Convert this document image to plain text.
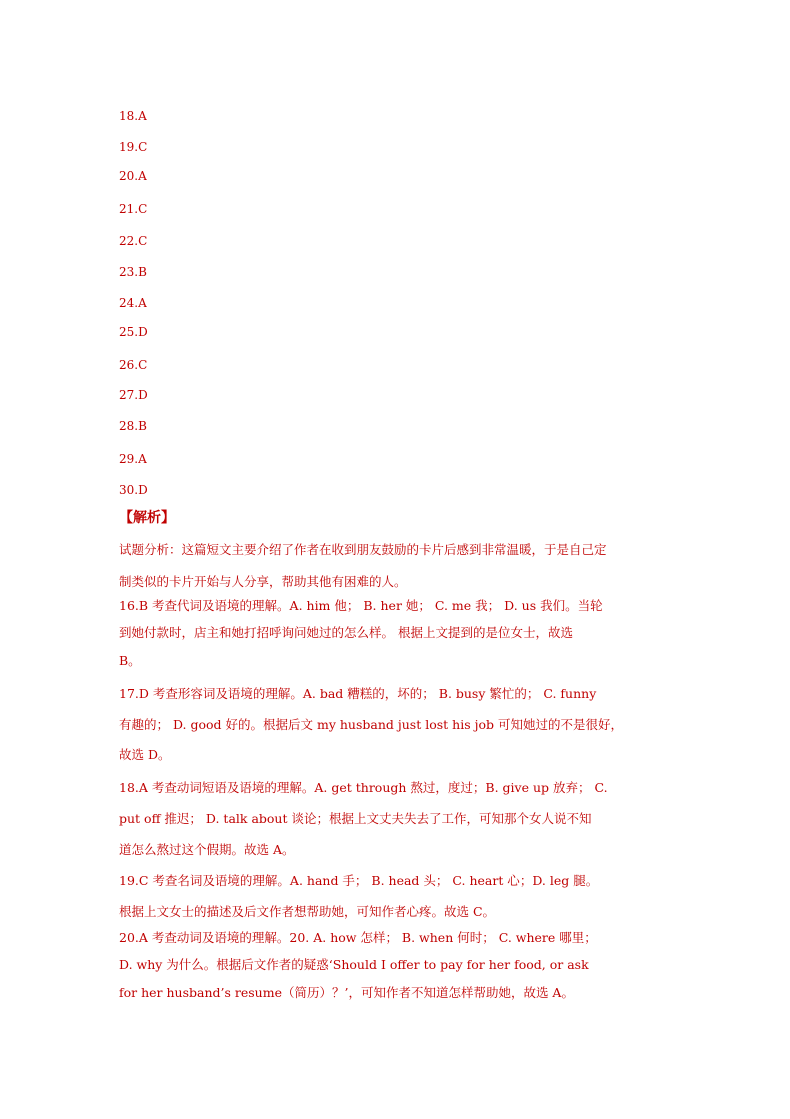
18.A
19.C
20.A
21.C
22.C
23.B
24.A
25.D
26.C
27.D
28.B
29.A
30.D
【解析】
试题分析：这篇短文主要介绍了作者在收到朋友鼓励的卡片后感到非常温暖，于是自己定
制类似的卡片开始与人分享，帮助其他有困难的人。
16.B 考查代词及语境的理解。A. him 他； B. her 她； C. me 我； D. us 我们。当轮
到她付款时，店主和她打招呼询问她过的怎么样。 根据上文提到的是位女士，故选
B。
17.D 考查形容词及语境的理解。A. bad 糟糕的，坏的； B. busy 繁忙的； C. funny
有趣的； D. good 好的。根据后文 my husband just lost his job 可知她过的不是很好，
故选 D。
18.A 考查动词短语及语境的理解。A. get through 熬过，度过；B. give up 放弃； C.
put off 推迟； D. talk about 谈论；根据上文丈夫失去了工作，可知那个女人说不知
道怎么熬过这个假期。故选 A。
19.C 考查名词及语境的理解。A. hand 手； B. head 头； C. heart 心；D. leg 腿。
根据上文女士的描述及后文作者想帮助她，可知作者心疼。故选 C。
20.A 考查动词及语境的理解。20. A. how 怎样； B. when 何时； C. where 哪里；
D. why 为什么。根据后文作者的疑惑‘Should I offer to pay for her food, or ask
for her husband’s resume（简历）？’，可知作者不知道怎样帮助她，故选 A。
